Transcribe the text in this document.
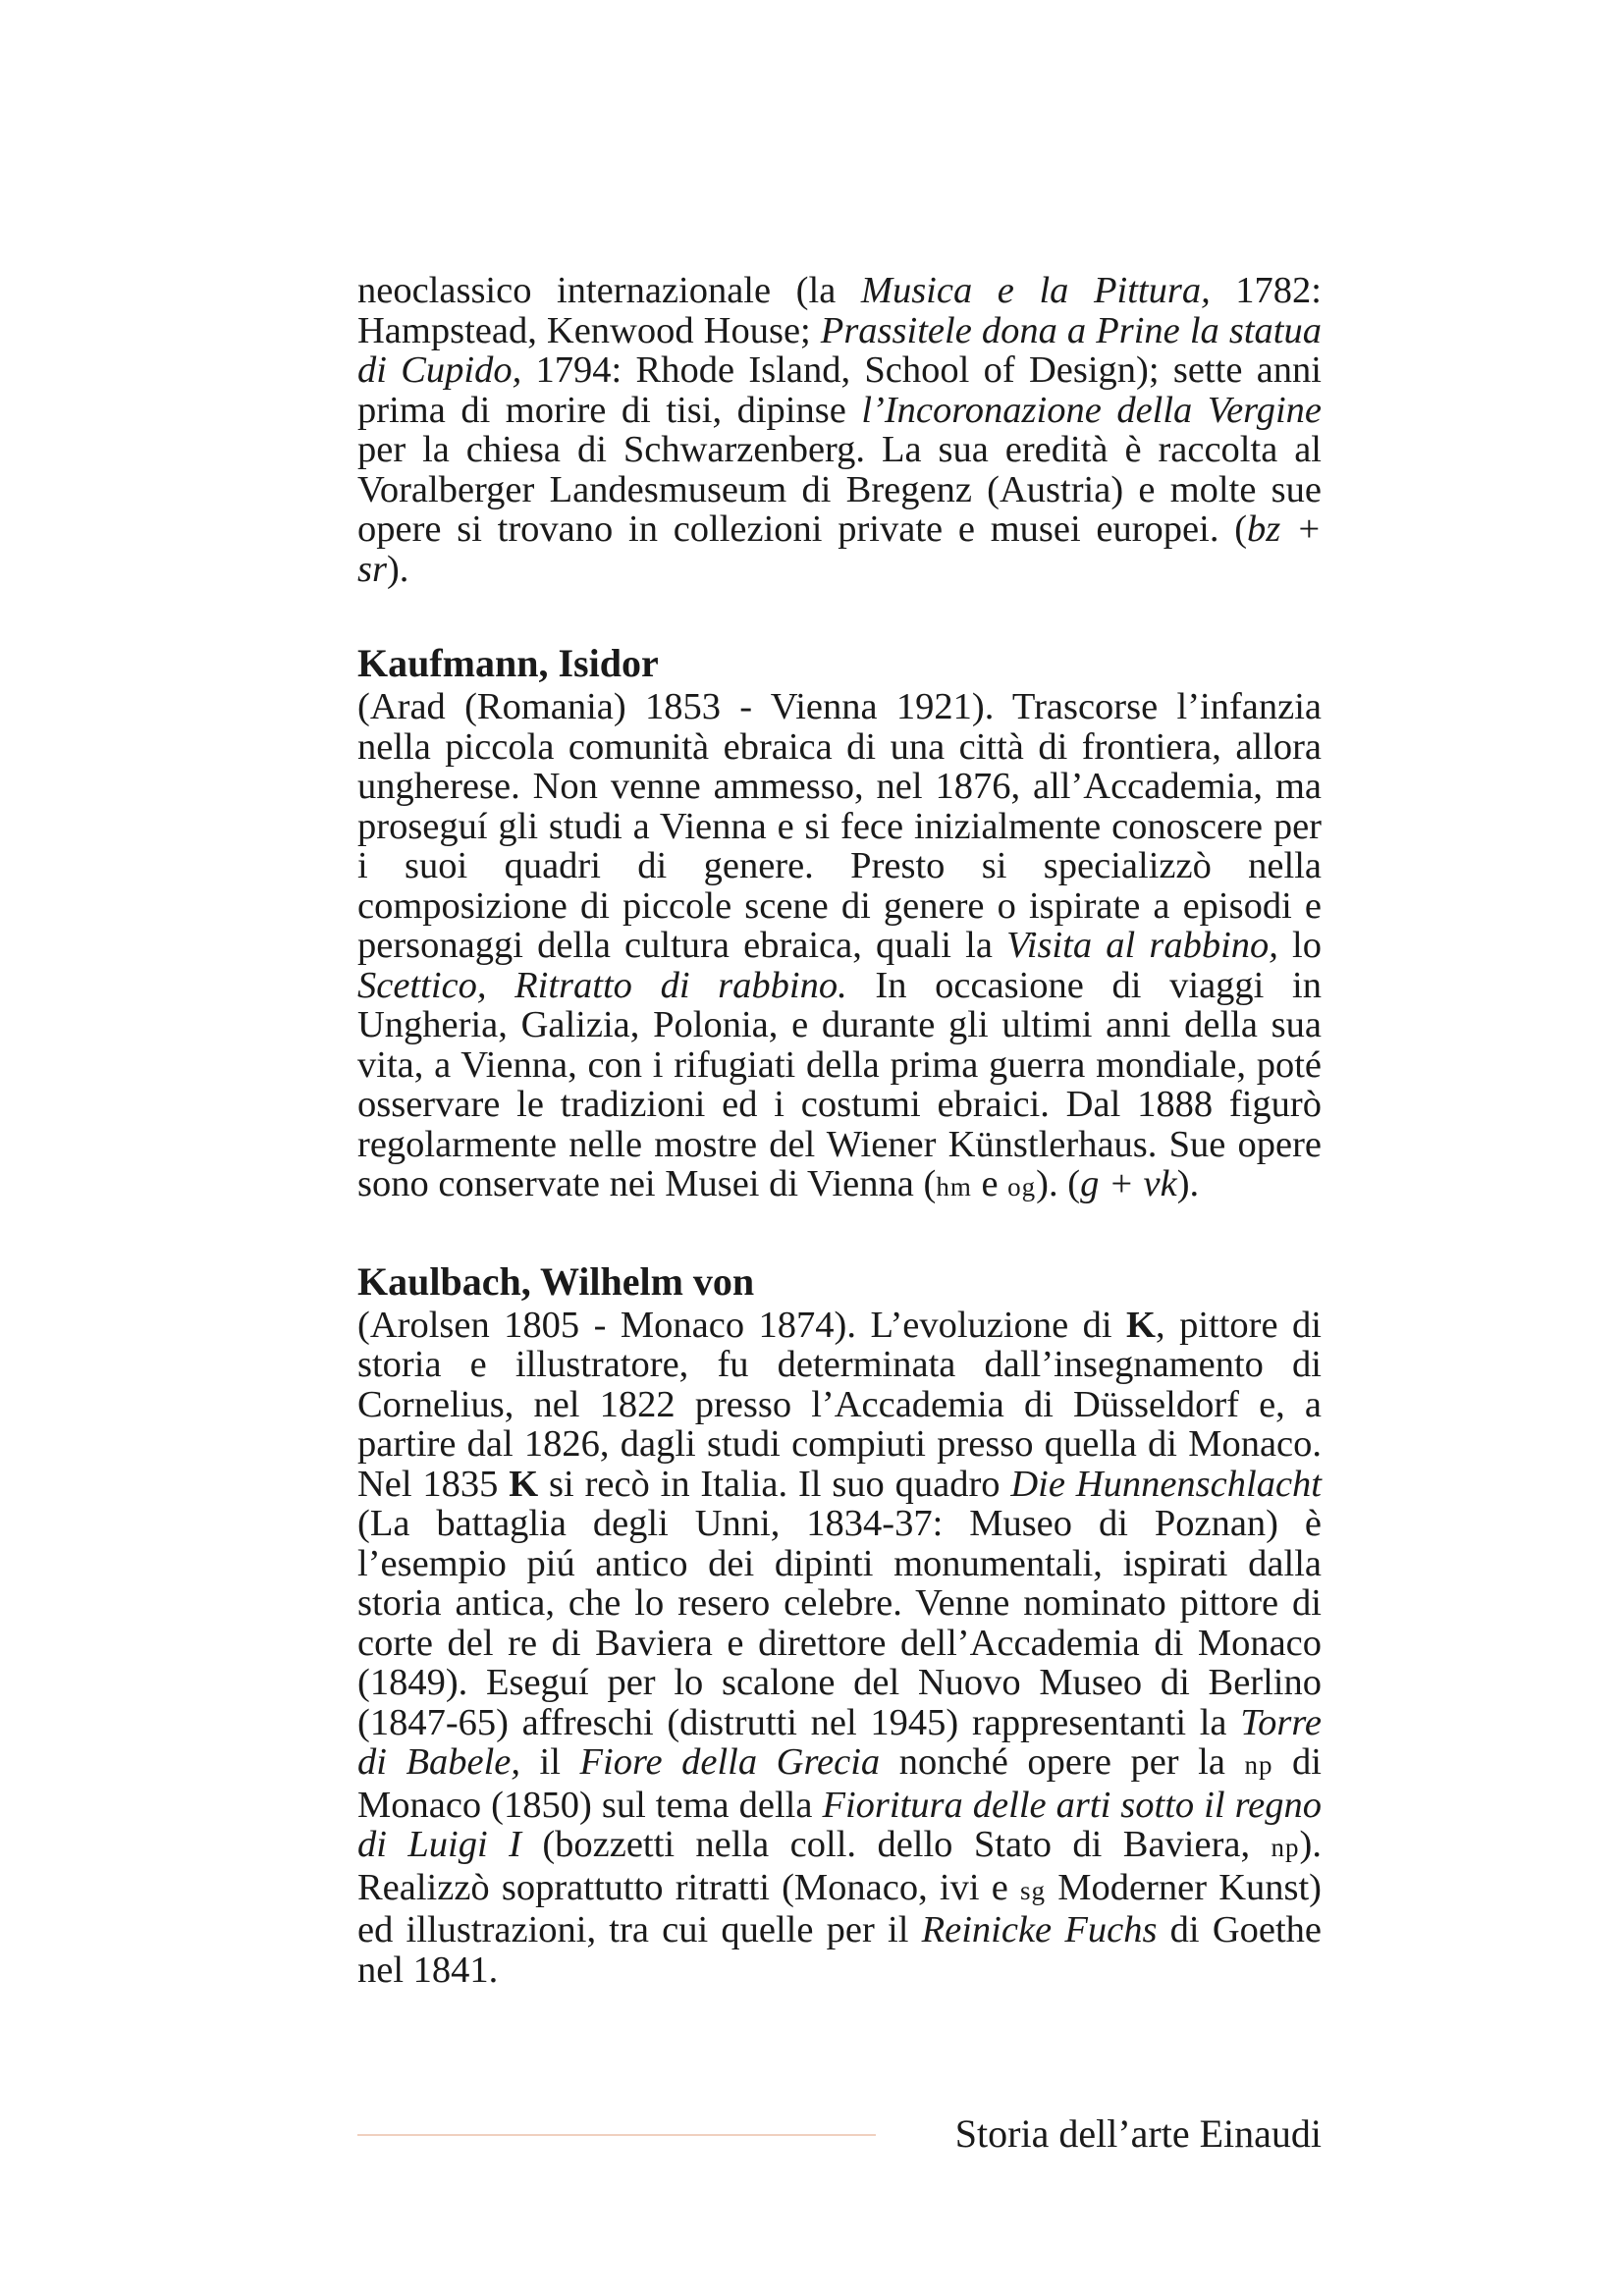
neoclassico internazionale (la Musica e la Pittura, 1782: Hampstead, Kenwood House; Prassitele dona a Prine la statua di Cupido, 1794: Rhode Island, School of Design); sette anni prima di morire di tisi, dipinse l’Incoronazione della Vergine per la chiesa di Schwarzenberg. La sua eredità è raccolta al Voralberger Landesmuseum di Bregenz (Austria) e molte sue opere si trovano in collezioni private e musei europei. (bz + sr).

Kaufmann, Isidor

(Arad (Romania) 1853 - Vienna 1921). Trascorse l’infanzia nella piccola comunità ebraica di una città di frontiera, allora ungherese. Non venne ammesso, nel 1876, all’Accademia, ma proseguí gli studi a Vienna e si fece inizialmente conoscere per i suoi quadri di genere. Presto si specializzò nella composizione di piccole scene di genere o ispirate a episodi e personaggi della cultura ebraica, quali la Visita al rabbino, lo Scettico, Ritratto di rabbino. In occasione di viaggi in Ungheria, Galizia, Polonia, e durante gli ultimi anni della sua vita, a Vienna, con i rifugiati della prima guerra mondiale, poté osservare le tradizioni ed i costumi ebraici. Dal 1888 figurò regolarmente nelle mostre del Wiener Künstlerhaus. Sue opere sono conservate nei Musei di Vienna (hm e og). (g + vk).

Kaulbach, Wilhelm von

(Arolsen 1805 - Monaco 1874). L’evoluzione di K, pittore di storia e illustratore, fu determinata dall’insegnamento di Cornelius, nel 1822 presso l’Accademia di Düsseldorf e, a partire dal 1826, dagli studi compiuti presso quella di Monaco. Nel 1835 K si recò in Italia. Il suo quadro Die Hunnenschlacht (La battaglia degli Unni, 1834-37: Museo di Poznan) è l’esempio piú antico dei dipinti monumentali, ispirati dalla storia antica, che lo resero celebre. Venne nominato pittore di corte del re di Baviera e direttore dell’Accademia di Monaco (1849). Eseguí per lo scalone del Nuovo Museo di Berlino (1847-65) affreschi (distrutti nel 1945) rappresentanti la Torre di Babele, il Fiore della Grecia nonché opere per la np di Monaco (1850) sul tema della Fioritura delle arti sotto il regno di Luigi I (bozzetti nella coll. dello Stato di Baviera, np). Realizzò soprattutto ritratti (Monaco, ivi e sg Moderner Kunst) ed illustrazioni, tra cui quelle per il Reinicke Fuchs di Goethe nel 1841.

Storia dell’arte Einaudi
